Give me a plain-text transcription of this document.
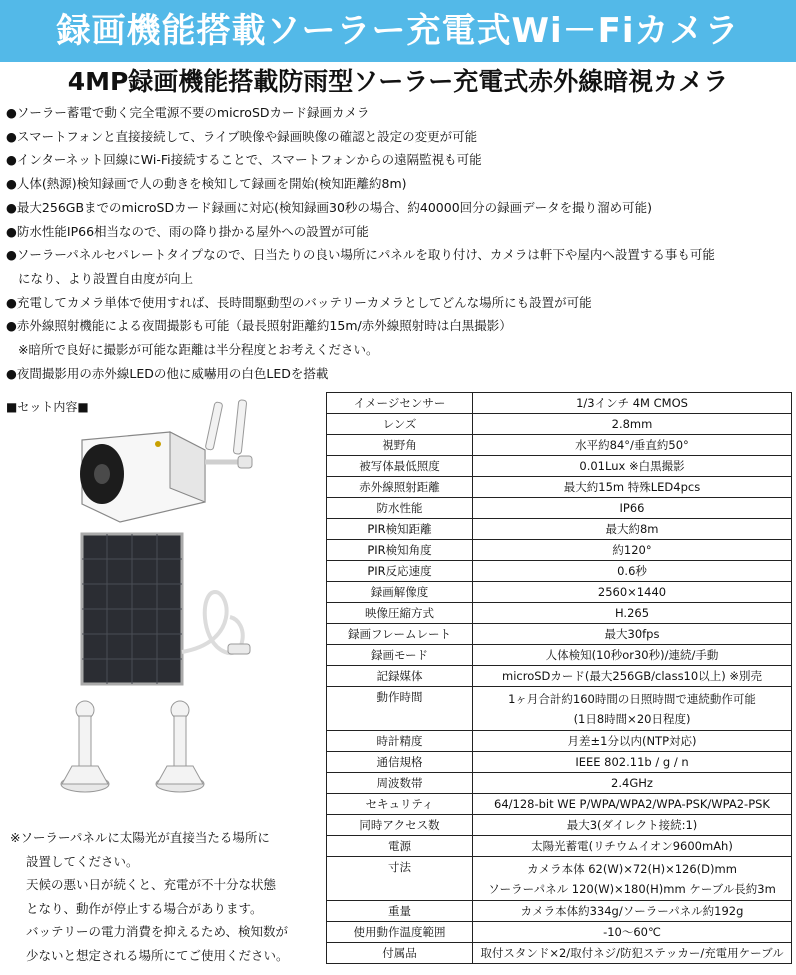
録画機能搭載ソーラー充電式Wi－Fiカメラ
4MP録画機能搭載防雨型ソーラー充電式赤外線暗視カメラ
●ソーラー蓄電で動く完全電源不要のmicroSDカード録画カメラ
●スマートフォンと直接接続して、ライブ映像や録画映像の確認と設定の変更が可能
●インターネット回線にWi-Fi接続することで、スマートフォンからの遠隔監視も可能
●人体(熱源)検知録画で人の動きを検知して録画を開始(検知距離約8m)
●最大256GBまでのmicroSDカード録画に対応(検知録画30秒の場合、約40000回分の録画データを撮り溜め可能)
●防水性能IP66相当なので、雨の降り掛かる屋外への設置が可能
●ソーラーパネルセパレートタイプなので、日当たりの良い場所にパネルを取り付け、カメラは軒下や屋内へ設置する事も可能
になり、より設置自由度が向上
●充電してカメラ単体で使用すれば、長時間駆動型のバッテリーカメラとしてどんな場所にも設置が可能
●赤外線照射機能による夜間撮影も可能（最長照射距離約15m/赤外線照射時は白黒撮影）
※暗所で良好に撮影が可能な距離は半分程度とお考えください。
●夜間撮影用の赤外線LEDの他に威嚇用の白色LEDを搭載
■セット内容■
※ソーラーパネルに太陽光が直接当たる場所に
設置してください。
天候の悪い日が続くと、充電が不十分な状態
となり、動作が停止する場合があります。
バッテリーの電力消費を抑えるため、検知数が
少ないと想定される場所にてご使用ください。
イメージセンサー	1/3インチ 4M CMOS
レンズ	2.8mm
視野角	水平約84°/垂直約50°
被写体最低照度	0.01Lux ※白黒撮影
赤外線照射距離	最大約15m 特殊LED4pcs
防水性能	IP66
PIR検知距離	最大約8m
PIR検知角度	約120°
PIR反応速度	0.6秒
録画解像度	2560×1440
映像圧縮方式	H.265
録画フレームレート	最大30fps
録画モード	人体検知(10秒or30秒)/連続/手動
記録媒体	microSDカード(最大256GB/class10以上) ※別売
動作時間	1ヶ月合計約160時間の日照時間で連続動作可能
(1日8時間×20日程度)

時計精度	月差±1分以内(NTP対応)
通信規格	IEEE 802.11b / g / n
周波数帯	2.4GHz
セキュリティ	64/128-bit WE P/WPA/WPA2/WPA-PSK/WPA2-PSK
同時アクセス数	最大3(ダイレクト接続:1)
電源	太陽光蓄電(リチウムイオン9600mAh)
寸法	カメラ本体 62(W)×72(H)×126(D)mm
ソーラーパネル 120(W)×180(H)mm ケーブル長約3m

重量	カメラ本体約334g/ソーラーパネル約192g
使用動作温度範囲	-10～60℃
付属品	取付スタンド×2/取付ネジ/防犯ステッカー/充電用ケーブル
